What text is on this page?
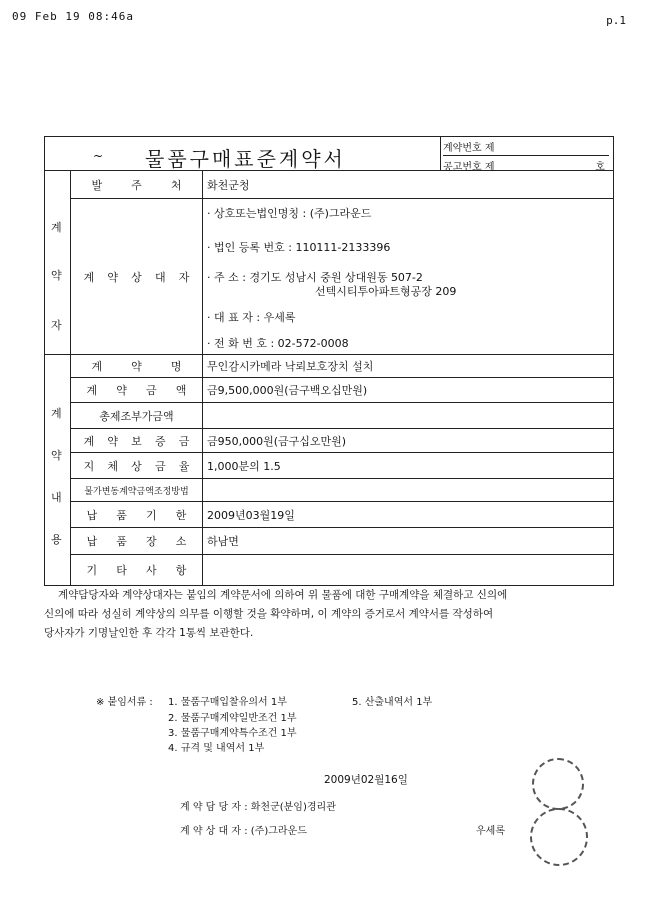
09 Feb 19 08:46a	p.1
~ 물품구매표준계약서	계약번호 제
공고번호 제	호
계
약
자
발	주	처 화천군청
계 약 상 대 자
· 상호또는법인명칭 : (주)그라운드
· 법인 등록 번호 : 110111-2133396
· 주 소 : 경기도 성남시 중원 상대원동 507-2
선텍시티투아파트형공장 209
· 대 표 자 : 우세록
· 전 화 번 호 : 02-572-0008
계
약
내
용
계	약	명 무인감시카메라 낙뢰보호장치 설치
계 약 금 액 금9,500,000원(금구백오십만원)
총제조부가금액
계 약 보 증 금 금950,000원(금구십오만원)
지 체 상 금 율 1,000분의 1.5
물가변동계약금액조정방법
납 품 기 한 2009년03월19일
납 품 장 소 하남면
기 타 사 항
계약담당자와 계약상대자는 붙임의 계약문서에 의하여 위 물품에 대한 구매계약을 체결하고 신의에
신의에 따라 성실히 계약상의 의무를 이행할 것을 확약하며, 이 계약의 증거로서 계약서를 작성하여
당사자가 기명날인한 후 각각 1통씩 보관한다.
※ 붙임서류 : 1. 물품구매입찰유의서 1부
2. 물품구매계약일반조건 1부
3. 물품구매계약특수조건 1부
4. 규격 및 내역서 1부
5. 산출내역서 1부
2009년02월16일
계 약 담 당 자 : 화천군(분임)경리관
계 약 상 대 자 : (주)그라운드	우세록
